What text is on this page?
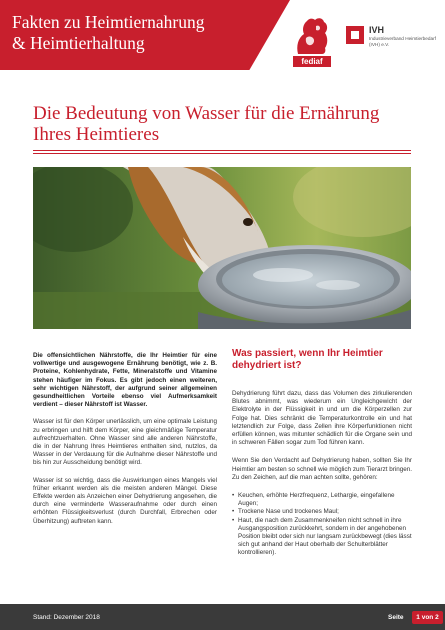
Fakten zu Heimtiernahrung
& Heimtierhaltung
fediaf
IVH
Industrieverband Heimtierbedarf (IVH) e.V.
Die Bedeutung von Wasser für die Ernährung
Ihres Heimtieres

Die offensichtlichen Nährstoffe, die Ihr Heimtier für eine vollwertige und ausgewogene Ernährung benötigt, wie z. B. Proteine, Kohlenhydrate, Fette, Mineralstoffe und Vitamine stehen häufiger im Fokus. Es gibt jedoch einen weiteren, sehr wichtigen Nährstoff, der aufgrund seiner allgemeinen gesundheitlichen Vorteile ebenso viel Aufmerksamkeit verdient – dieser Nährstoff ist Wasser.

Wasser ist für den Körper unerlässlich, um eine optimale Leistung zu erbringen und hilft dem Körper, eine gleichmäßige Temperatur aufrechtzuerhalten. Ohne Wasser sind alle anderen Nährstoffe, die in der Nahrung Ihres Heimtieres enthalten sind, nutzlos, da Wasser in der Verdauung für die Aufnahme dieser Nährstoffe und bis hin zur Ausscheidung benötigt wird.

Wasser ist so wichtig, dass die Auswirkungen eines Mangels viel früher erkannt werden als die meisten anderen Mängel. Diese Effekte werden als Anzeichen einer Dehydrierung angesehen, die durch eine verminderte Wasseraufnahme oder durch einen erhöhten Flüssigkeitsverlust (durch Durchfall, Erbrechen oder Überhitzung) auftreten kann.

Was passiert, wenn Ihr Heimtier dehydriert ist?

Dehydrierung führt dazu, dass das Volumen des zirkulierenden Blutes abnimmt, was wiederum ein Ungleichgewicht der Elektrolyte in der Flüssigkeit in und um die Körperzellen zur Folge hat. Dies schränkt die Temperaturkontrolle ein und hat letztendlich zur Folge, dass Zellen ihre Körperfunktionen nicht erfüllen können, was mitunter schädlich für die Organe sein und in schweren Fällen sogar zum Tod führen kann.

Wenn Sie den Verdacht auf Dehydrierung haben, sollten Sie Ihr Heimtier am besten so schnell wie möglich zum Tierarzt bringen. Zu den Zeichen, auf die man achten sollte, gehören:

• Keuchen, erhöhte Herzfrequenz, Lethargie, eingefallene Augen;
• Trockene Nase und trockenes Maul;
• Haut, die nach dem Zusammenkneifen nicht schnell in ihre Ausgangsposition zurückkehrt, sondern in der angehobenen Position bleibt oder sich nur langsam zurückbewegt (dies lässt sich gut anhand der Haut oberhalb der Schulterblätter kontrollieren).
Stand: Dezember 2018	Seite	1 von 2
